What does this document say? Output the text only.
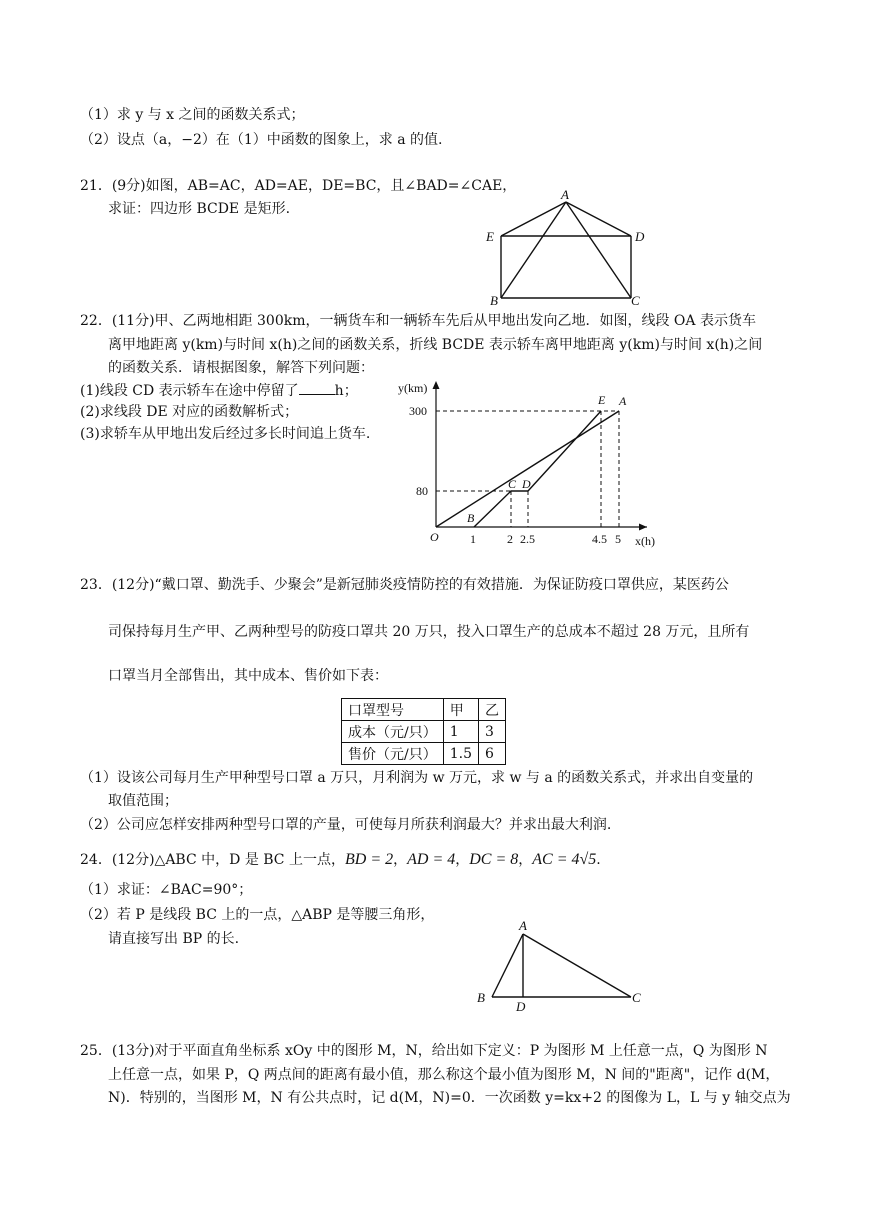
（1）求 y 与 x 之间的函数关系式；
（2）设点（a，−2）在（1）中函数的图象上，求 a 的值.
21．(9分)如图，AB=AC，AD=AE，DE=BC，且∠BAD=∠CAE，
求证：四边形 BCDE 是矩形.
A
E	D
B	C
22．(11分)甲、乙两地相距 300km，一辆货车和一辆轿车先后从甲地出发向乙地．如图，线段 OA 表示货车
离甲地距离 y(km)与时间 x(h)之间的函数关系，折线 BCDE 表示轿车离甲地距离 y(km)与时间 x(h)之间
的函数关系．请根据图象，解答下列问题：
(1)线段 CD 表示轿车在途中停留了	h；
(2)求线段 DE 对应的函数解析式；
(3)求轿车从甲地出发后经过多长时间追上货车.
y(km)
x(h)
O
300
80
1	2 2.5	4.5 5
E A
C D
B
23．(12分)“戴口罩、勤洗手、少聚会”是新冠肺炎疫情防控的有效措施．为保证防疫口罩供应，某医药公
司保持每月生产甲、乙两种型号的防疫口罩共 20 万只，投入口罩生产的总成本不超过 28 万元，且所有
口罩当月全部售出，其中成本、售价如下表：
口罩型号	甲	乙
成本（元/只）	1	3
售价（元/只）	1.5	6
（1）设该公司每月生产甲种型号口罩 a 万只，月利润为 w 万元，求 w 与 a 的函数关系式，并求出自变量的
取值范围；
（2）公司应怎样安排两种型号口罩的产量，可使每月所获利润最大？并求出最大利润.
24．(12分)△ABC 中，D 是 BC 上一点，BD = 2，AD = 4，DC = 8，AC = 4√5.
（1）求证：∠BAC=90°；
（2）若 P 是线段 BC 上的一点，△ABP 是等腰三角形，
请直接写出 BP 的长.
A
B	C
D
25．(13分)对于平面直角坐标系 xOy 中的图形 M，N，给出如下定义：P 为图形 M 上任意一点，Q 为图形 N
上任意一点，如果 P，Q 两点间的距离有最小值，那么称这个最小值为图形 M，N 间的"距离"，记作 d(M，
N)．特别的，当图形 M，N 有公共点时，记 d(M，N)=0．一次函数 y=kx+2 的图像为 L，L 与 y 轴交点为
